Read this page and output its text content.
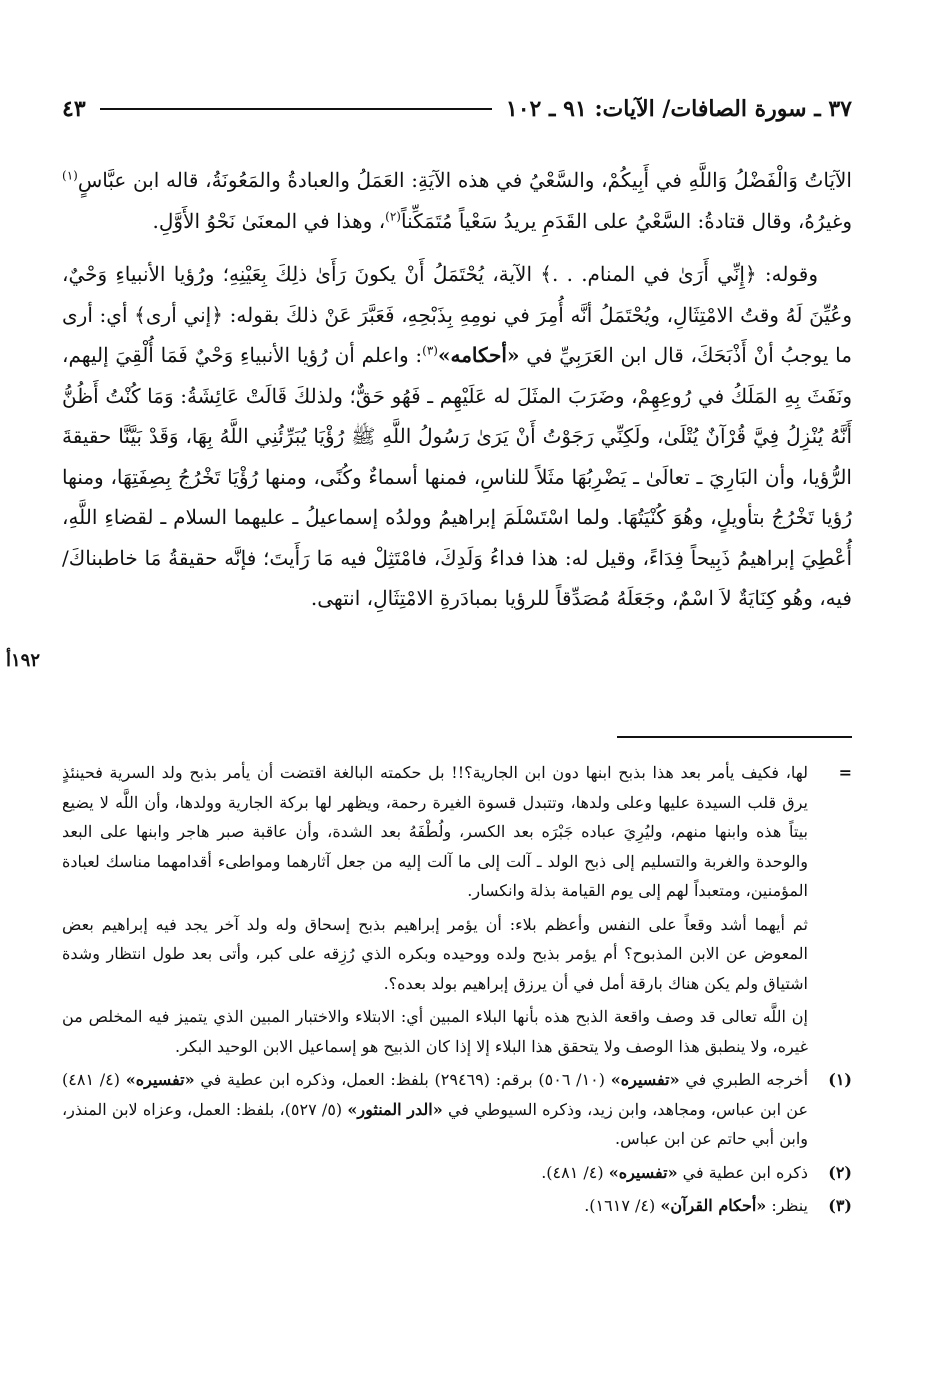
٣٧ ـ سورة الصافات/ الآيات: ٩١ ـ ١٠٢
٤٣
١٩٢أ

الآيَاتُ وَالْفَضْلُ وَاللَّهِ في أَبِيكُمْ، والسَّعْيُ في هذه الآيَةِ: العَمَلُ والعبادةُ والمَعُونَةُ، قاله ابن عبَّاسٍ$^{(١)}$ وغيرُهُ، وقال قتادةُ: السَّعْيُ على القَدَمِ يريدُ سَعْياً مُتَمَكِّناً$^{(٢)}$، وهذا في المعنَىٰ نَحْوُ الأَوَّلِ.

وقوله: ﴿إِنِّي أَرَىٰ في المنام. . .﴾ الآية، يُحْتَمَلُ أَنْ يكونَ رَأَىٰ ذلِكَ بِعَيْنِهِ؛ ورُؤيا الأنبياءِ وَحْيٌ، وعُيِّنَ لَهُ وقتُ الامْتِثَالِ، ويُحْتَمَلُ أنَّه أُمِرَ في نومِهِ بِذَبْحِهِ، فَعَبَّرَ عَنْ ذلكَ بقوله: ﴿إني أرى﴾ أي: أرى ما يوجبُ أنْ أَذْبَحَكَ، قال ابن العَرَبِيِّ في «أحكامه»$^{(٣)}$: واعلم أن رُؤيا الأنبياءِ وَحْيٌ فَمَا أُلْقِيَ إليهم، ونَفَثَ بِهِ المَلَكُ في رُوعِهِمْ، وضَرَبَ المثَلَ له عَلَيْهِم ـ فَهُو حَقٌّ؛ ولذلكَ قَالَتْ عَائِشَةُ: وَمَا كُنْتُ أَظُنُّ أَنَّهُ يُنْزِلُ فِيَّ قُرْآنٌ يُتْلَىٰ، ولَكِنِّي رَجَوْتُ أَنْ يَرَىٰ رَسُولُ اللَّهِ ﷺ رُؤْيَا يُبَرِّئُنِي اللَّهُ بِهَا، وَقَدْ بَيَّنَّا حقيقةَ الرُّؤيا، وأن البَارِيَ ـ تعالَىٰ ـ يَضْرِبُهَا مثَلاً للناسِ، فمنها أسماءٌ وكُنًى، ومنها رُؤْيَا تَخْرُجُ بِصِفَتِهَا، ومنها رُؤيا تَخْرُجُ بتأويلٍ، وهُوَ كُنْيَتُهَا. ولما اسْتَسْلَمَ إبراهيمُ وولدُه إسماعيلُ ـ عليهما السلام ـ لقضاءِ اللَّهِ، أُعْطِيَ إبراهيمُ ذَبِيحاً فِدَاءً، وقيل له: هذا فداءُ وَلَدِكَ، فامْتَثِلْ فيه مَا رَأَيتَ؛ فإنَّه حقيقةُ مَا خاطبناكَ/ فيه، وهُو كِنَايَةٌ لاَ اسْمٌ، وجَعَلَهُ مُصَدِّقاً للرؤيا بمبادَرةِ الامْتِثَالِ، انتهى.

=

لها، فكيف يأمر بعد هذا بذبح ابنها دون ابن الجارية؟!! بل حكمته البالغة اقتضت أن يأمر بذبح ولد السرية فحينئذٍ يرق قلب السيدة عليها وعلى ولدها، وتتبدل قسوة الغيرة رحمة، ويظهر لها بركة الجارية وولدها، وأن اللَّه لا يضيع بيتاً هذه وابنها منهم، وليُرِيَ عباده جَبْرَه بعد الكسر، ولُطْفَهُ بعد الشدة، وأن عاقبة صبر هاجر وابنها على البعد والوحدة والغربة والتسليم إلى ذبح الولد ـ آلت إلى ما آلت إليه من جعل آثارهما ومواطىء أقدامهما مناسك لعبادة المؤمنين، ومتعبداً لهم إلى يوم القيامة بذلة وانكسار.

ثم أيهما أشد وقعاً على النفس وأعظم بلاء: أن يؤمر إبراهيم بذبح إسحاق وله ولد آخر يجد فيه إبراهيم بعض المعوض عن الابن المذبوح؟ أم يؤمر بذبح ولده ووحيده وبكره الذي رُزِقه على كبر، وأتى بعد طول انتظار وشدة اشتياق ولم يكن هناك بارقة أمل في أن يرزق إبراهيم بولد بعده؟.

إن اللَّه تعالى قد وصف واقعة الذبح هذه بأنها البلاء المبين أي: الابتلاء والاختبار المبين الذي يتميز فيه المخلص من غيره، ولا ينطبق هذا الوصف ولا يتحقق هذا البلاء إلا إذا كان الذبيح هو إسماعيل الابن الوحيد البكر.

(١)
أخرجه الطبري في «تفسيره» (١٠/ ٥٠٦) برقم: (٢٩٤٦٩) بلفظ: العمل، وذكره ابن عطية في «تفسيره» (٤/ ٤٨١) عن ابن عباس، ومجاهد، وابن زيد، وذكره السيوطي في «الدر المنثور» (٥/ ٥٢٧)، بلفظ: العمل، وعزاه لابن المنذر، وابن أبي حاتم عن ابن عباس.
(٢)
ذكره ابن عطية في «تفسيره» (٤/ ٤٨١).
(٣)
ينظر: «أحكام القرآن» (٤/ ١٦١٧).
